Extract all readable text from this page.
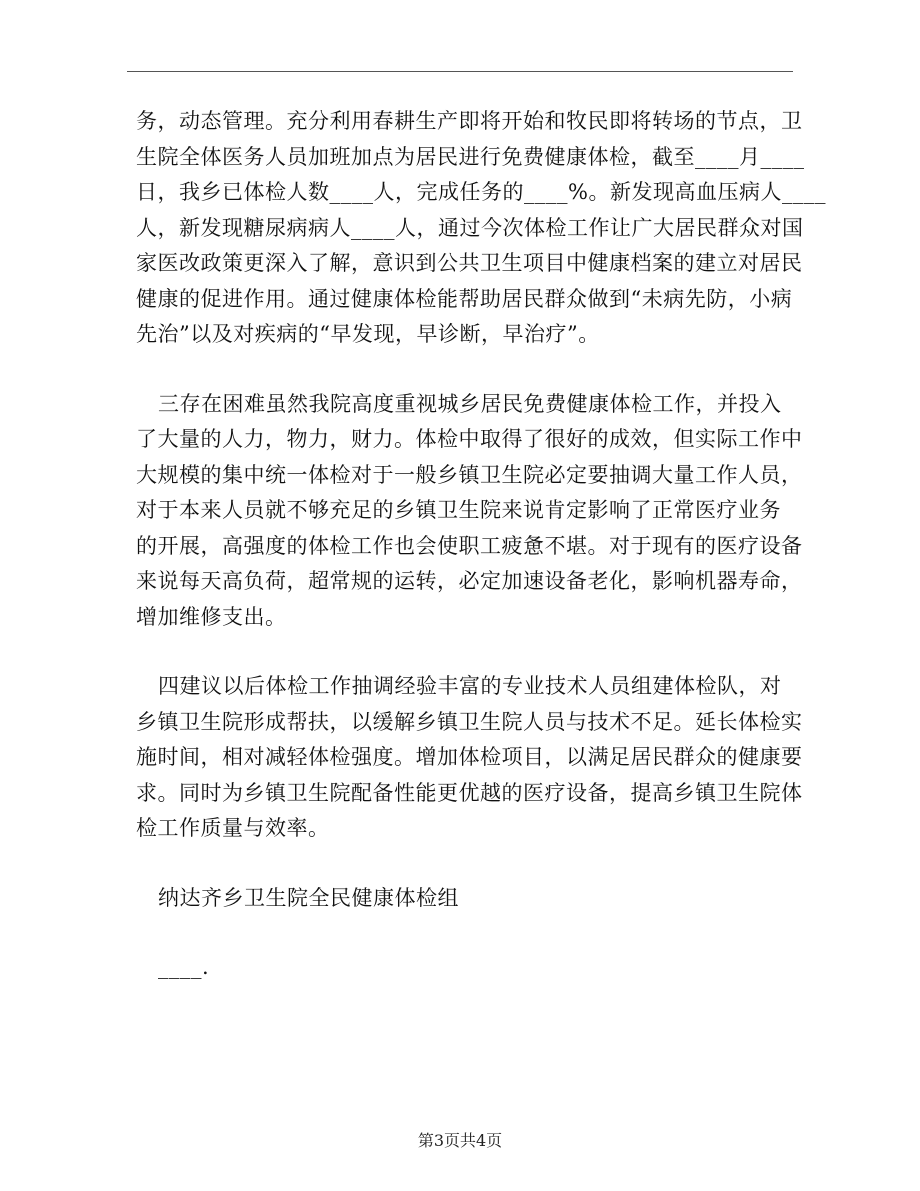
务，动态管理。充分利用春耕生产即将开始和牧民即将转场的节点，卫
生院全体医务人员加班加点为居民进行免费健康体检，截至____月____
日，我乡已体检人数____人，完成任务的____%。新发现高血压病人____
人，新发现糖尿病病人____人，通过今次体检工作让广大居民群众对国
家医改政策更深入了解，意识到公共卫生项目中健康档案的建立对居民
健康的促进作用。通过健康体检能帮助居民群众做到“未病先防，小病
先治”以及对疾病的“早发现，早诊断，早治疗”。

三存在困难虽然我院高度重视城乡居民免费健康体检工作，并投入
了大量的人力，物力，财力。体检中取得了很好的成效，但实际工作中
大规模的集中统一体检对于一般乡镇卫生院必定要抽调大量工作人员，
对于本来人员就不够充足的乡镇卫生院来说肯定影响了正常医疗业务
的开展，高强度的体检工作也会使职工疲惫不堪。对于现有的医疗设备
来说每天高负荷，超常规的运转，必定加速设备老化，影响机器寿命，
增加维修支出。

四建议以后体检工作抽调经验丰富的专业技术人员组建体检队，对
乡镇卫生院形成帮扶，以缓解乡镇卫生院人员与技术不足。延长体检实
施时间，相对减轻体检强度。增加体检项目，以满足居民群众的健康要
求。同时为乡镇卫生院配备性能更优越的医疗设备，提高乡镇卫生院体
检工作质量与效率。

纳达齐乡卫生院全民健康体检组

____.

第3页共4页
